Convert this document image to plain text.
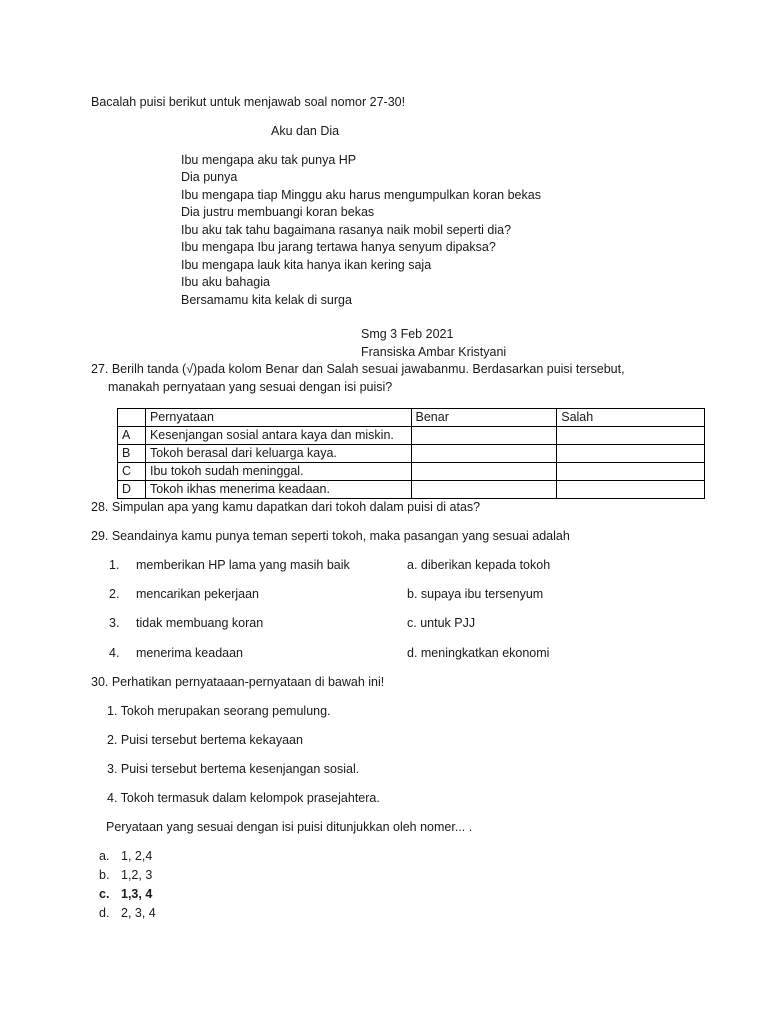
Bacalah puisi berikut untuk menjawab soal nomor 27-30!
Aku dan Dia
Ibu mengapa aku tak punya HP
Dia punya
Ibu mengapa tiap Minggu aku harus mengumpulkan koran bekas
Dia justru membuangi koran bekas
Ibu aku tak tahu bagaimana rasanya naik mobil seperti dia?
Ibu mengapa Ibu jarang tertawa hanya senyum dipaksa?
Ibu mengapa lauk kita hanya ikan kering saja
Ibu aku bahagia
Bersamamu kita kelak di surga
Smg 3 Feb 2021
Fransiska Ambar Kristyani
27. Berilh tanda (√)pada kolom Benar dan Salah sesuai jawabanmu. Berdasarkan puisi tersebut,
manakah pernyataan yang sesuai dengan isi puisi?
	Pernyataan	Benar	Salah
A	Kesenjangan sosial antara kaya dan miskin.		
B	Tokoh berasal dari keluarga kaya.		
C	Ibu tokoh sudah meninggal.		
D	Tokoh ikhas menerima keadaan.		
28. Simpulan apa yang kamu dapatkan dari tokoh dalam puisi di atas?
29. Seandainya kamu punya teman seperti tokoh, maka pasangan yang sesuai adalah
1. memberikan HP lama yang masih baik	a. diberikan kepada tokoh
2. mencarikan pekerjaan	b. supaya ibu tersenyum
3. tidak membuang koran	c. untuk PJJ
4. menerima keadaan	d. meningkatkan ekonomi
30. Perhatikan pernyataaan-pernyataan di bawah ini!
1. Tokoh merupakan seorang pemulung.
2. Puisi tersebut bertema kekayaan
3. Puisi tersebut bertema kesenjangan sosial.
4. Tokoh termasuk dalam kelompok prasejahtera.
Peryataan yang sesuai dengan isi puisi ditunjukkan oleh nomer... .
a. 1, 2,4
b. 1,2, 3
c. 1,3, 4
d. 2, 3, 4
